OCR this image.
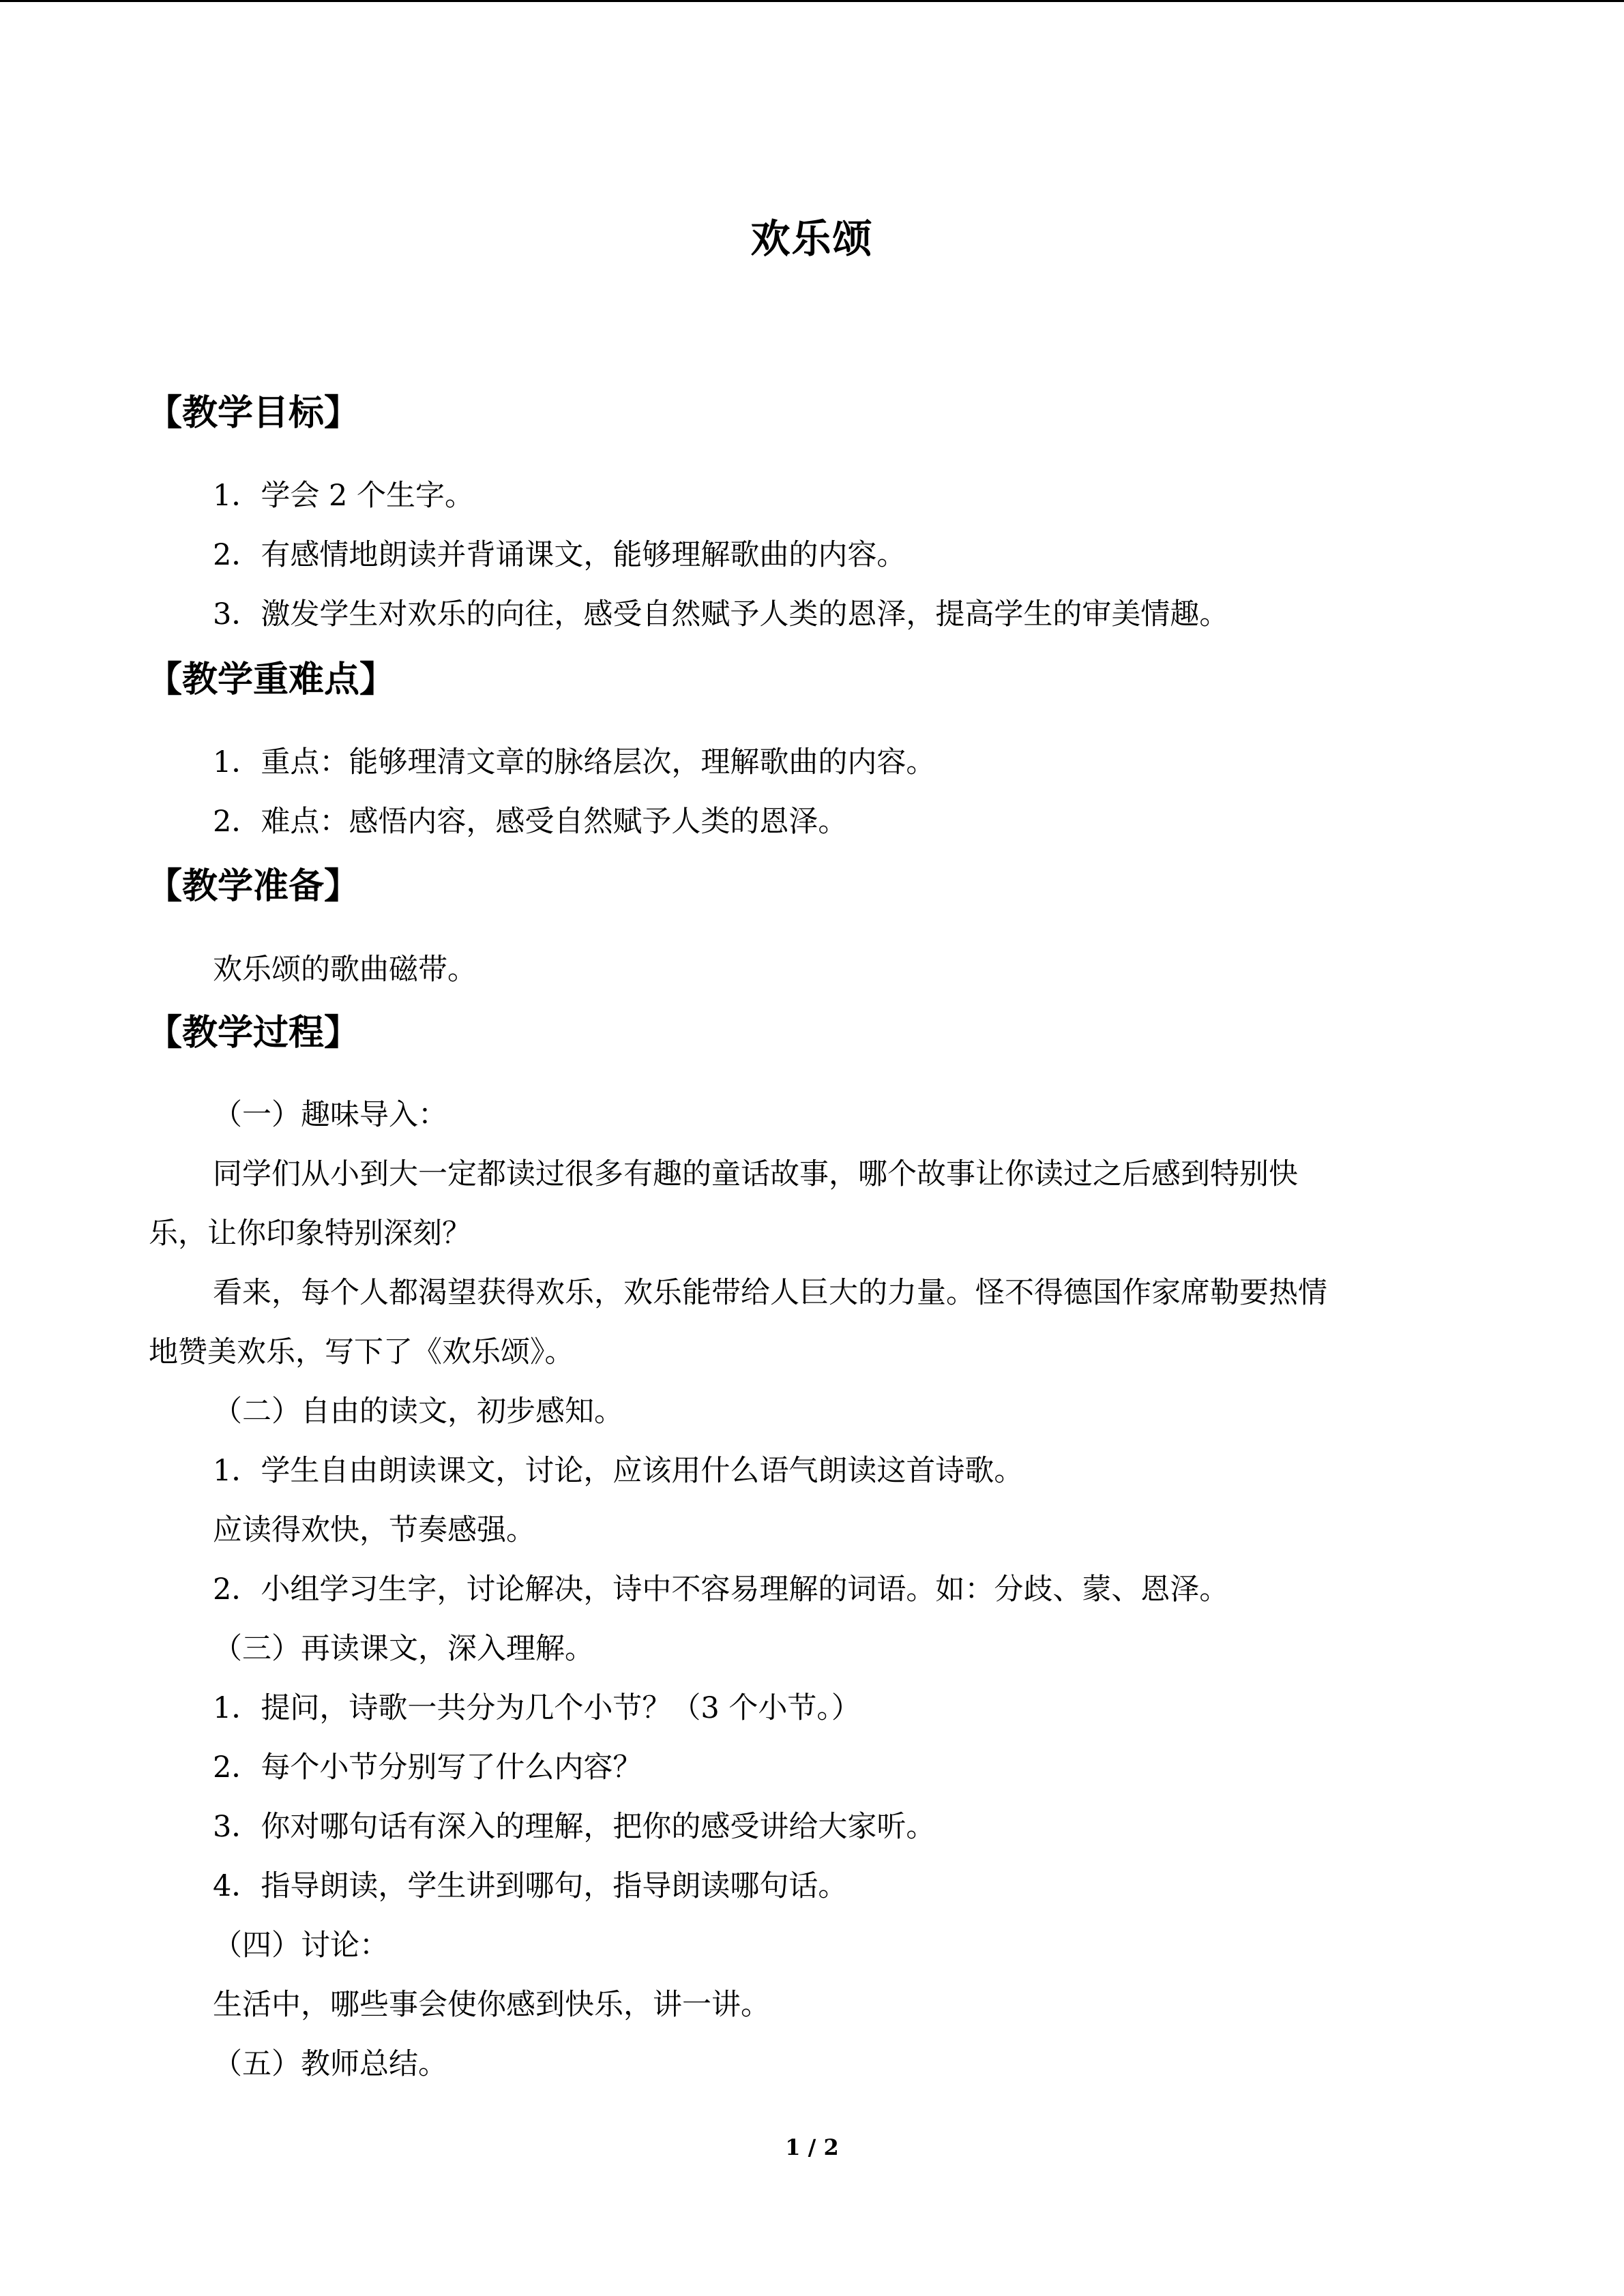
欢乐颂
【教学目标】
1．学会 2 个生字。
2．有感情地朗读并背诵课文，能够理解歌曲的内容。
3．激发学生对欢乐的向往，感受自然赋予人类的恩泽，提高学生的审美情趣。
【教学重难点】
1．重点：能够理清文章的脉络层次，理解歌曲的内容。
2．难点：感悟内容，感受自然赋予人类的恩泽。
【教学准备】
欢乐颂的歌曲磁带。
【教学过程】
（一）趣味导入：
同学们从小到大一定都读过很多有趣的童话故事，哪个故事让你读过之后感到特别快
乐，让你印象特别深刻？
看来，每个人都渴望获得欢乐，欢乐能带给人巨大的力量。怪不得德国作家席勒要热情
地赞美欢乐，写下了《欢乐颂》。
（二）自由的读文，初步感知。
1．学生自由朗读课文，讨论，应该用什么语气朗读这首诗歌。
应读得欢快，节奏感强。
2．小组学习生字，讨论解决，诗中不容易理解的词语。如：分歧、蒙、恩泽。
（三）再读课文，深入理解。
1．提问，诗歌一共分为几个小节？（3 个小节。）
2．每个小节分别写了什么内容？
3．你对哪句话有深入的理解，把你的感受讲给大家听。
4．指导朗读，学生讲到哪句，指导朗读哪句话。
（四）讨论：
生活中，哪些事会使你感到快乐，讲一讲。
（五）教师总结。
1 / 2
